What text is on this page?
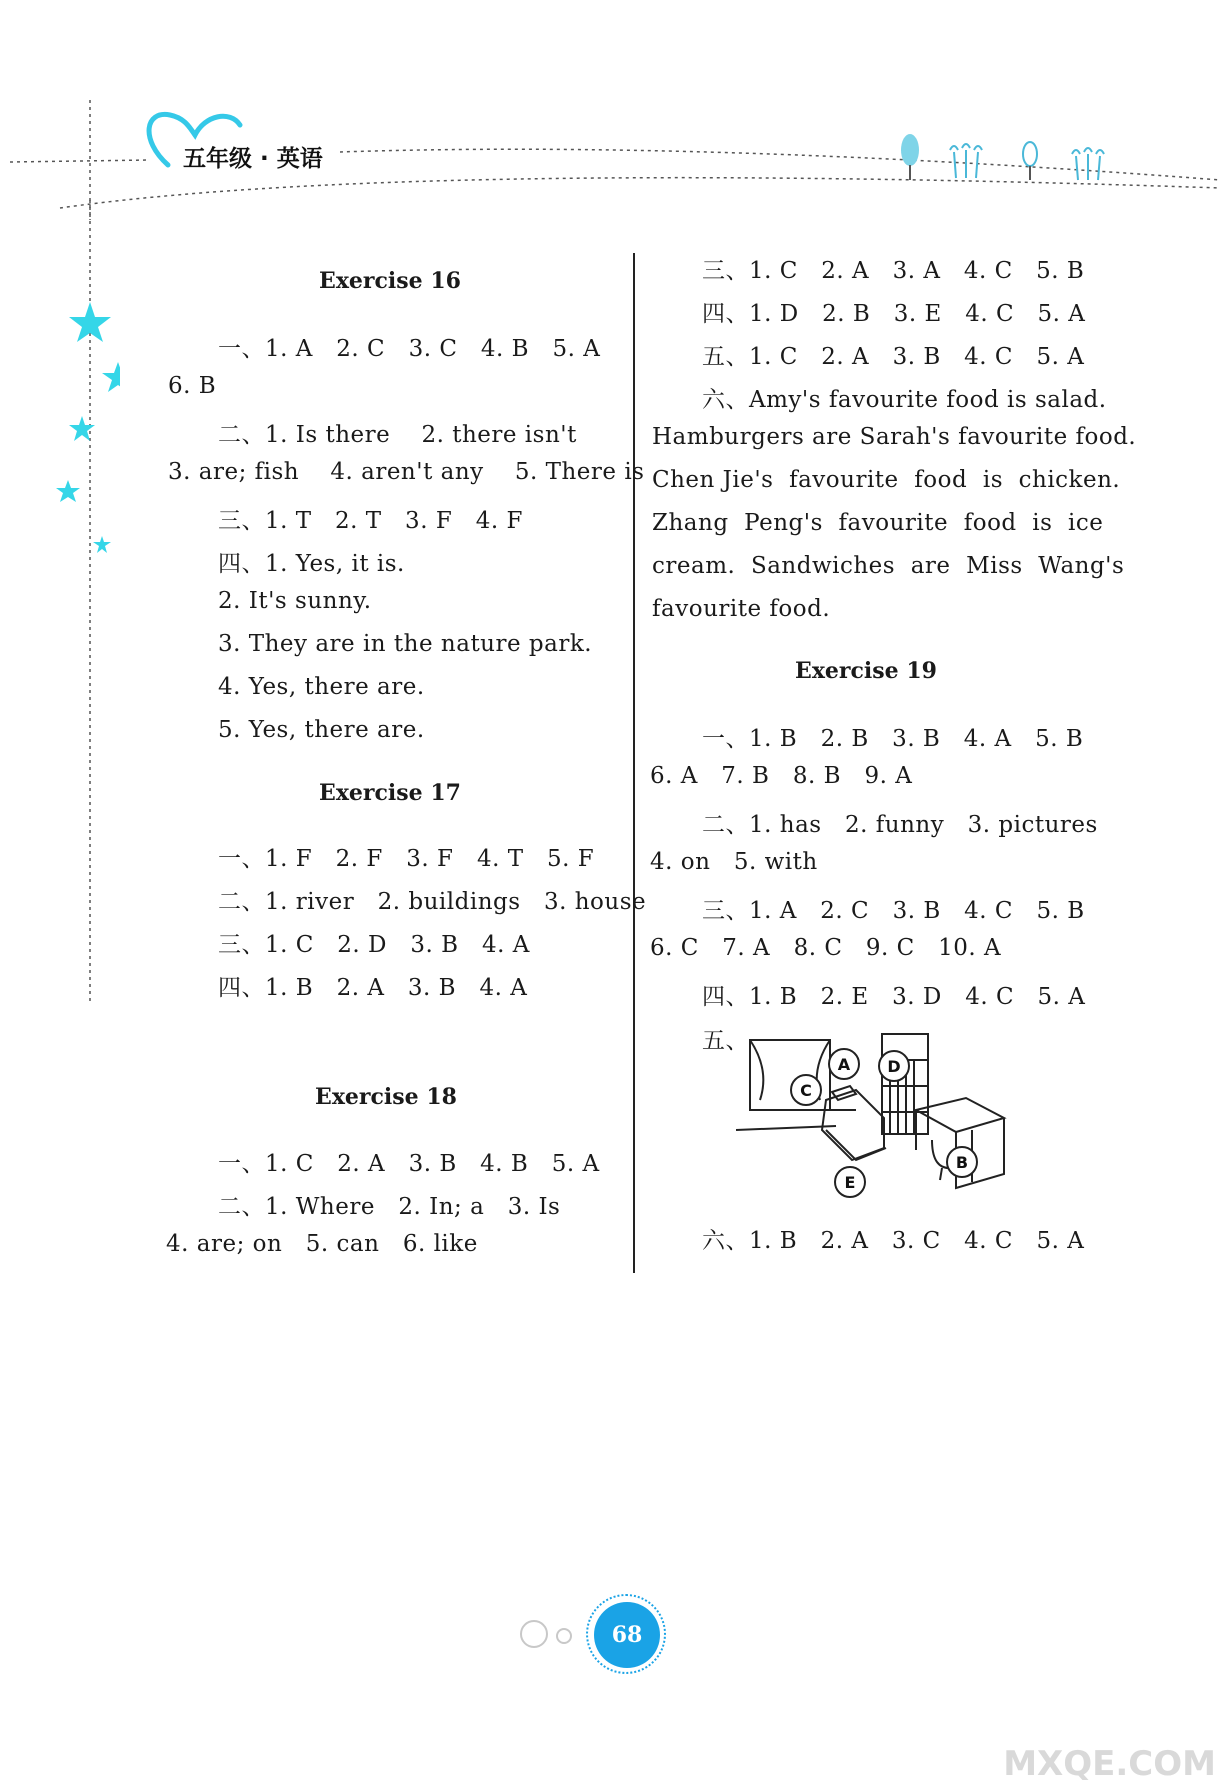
五年级 · 英语
Exercise 16
一、1. A   2. C   3. C   4. B   5. A
6. B
二、1. Is there    2. there isn't
3. are; fish    4. aren't any    5. There is
三、1. T   2. T   3. F   4. F
四、1. Yes, it is.
2. It's sunny.
3. They are in the nature park.
4. Yes, there are.
5. Yes, there are.
Exercise 17
一、1. F   2. F   3. F   4. T   5. F
二、1. river   2. buildings   3. house
三、1. C   2. D   3. B   4. A
四、1. B   2. A   3. B   4. A
Exercise 18
一、1. C   2. A   3. B   4. B   5. A
二、1. Where   2. In; a   3. Is
4. are; on   5. can   6. like
三、1. C   2. A   3. A   4. C   5. B
四、1. D   2. B   3. E   4. C   5. A
五、1. C   2. A   3. B   4. C   5. A
六、Amy's favourite food is salad.
Hamburgers are Sarah's favourite food.
Chen Jie's  favourite  food  is  chicken.
Zhang  Peng's  favourite  food  is  ice
cream.  Sandwiches  are  Miss  Wang's
favourite food.
Exercise 19
一、1. B   2. B   3. B   4. A   5. B
6. A   7. B   8. B   9. A
二、1. has   2. funny   3. pictures
4. on   5. with
三、1. A   2. C   3. B   4. C   5. B
6. C   7. A   8. C   9. C   10. A
四、1. B   2. E   3. D   4. C   5. A
五、
A
B
C
D
E
六、1. B   2. A   3. C   4. C   5. A
68
MXQE.COM
